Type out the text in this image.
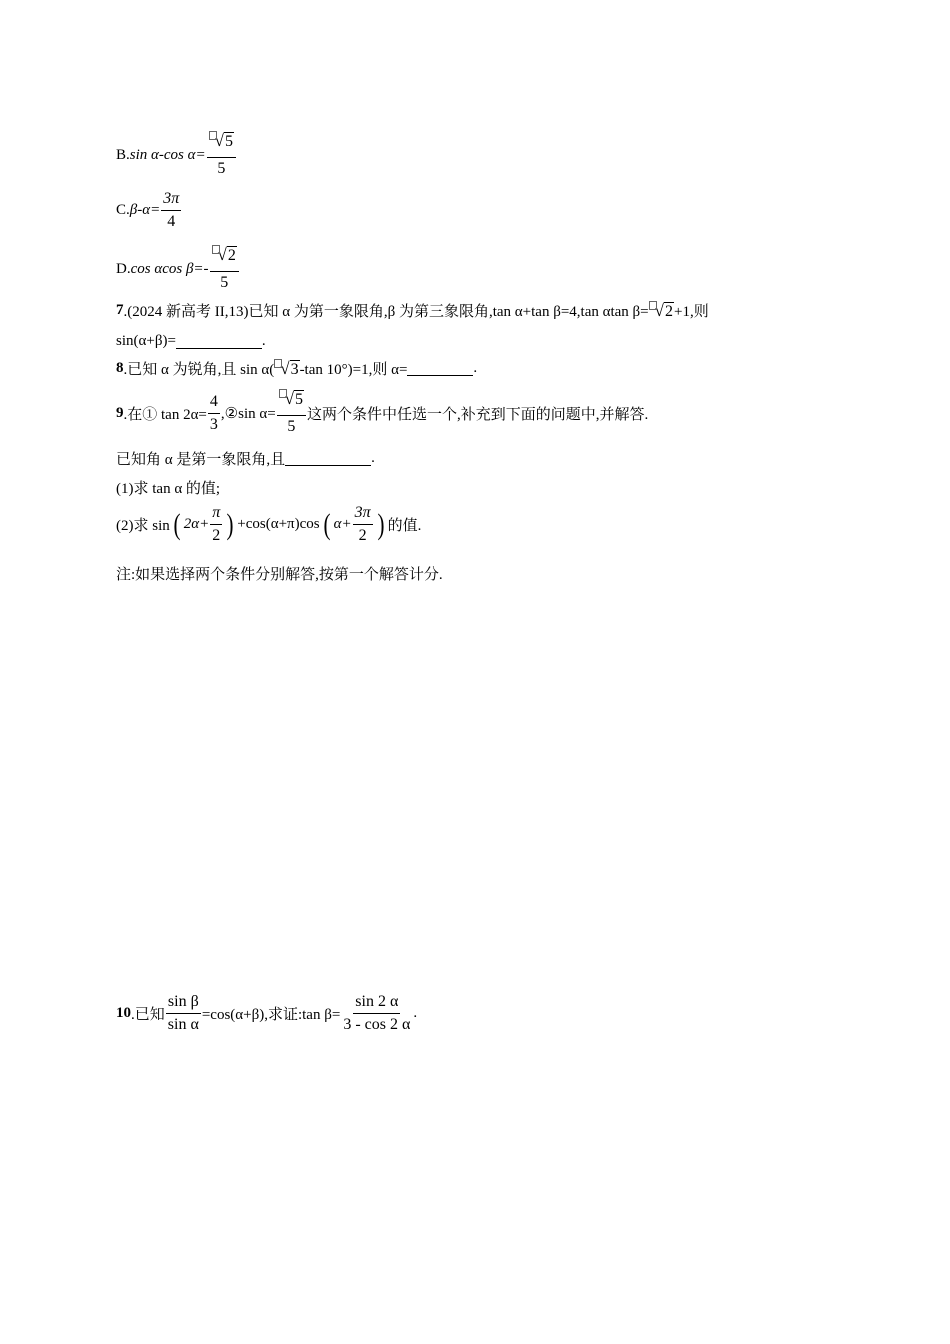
B. sin α-cos $\alpha= \frac{√ 5}{5}$
C. $\beta-\alpha= \frac{3\pi}{4}$
D. cos αcos $\beta=- \frac{√ 2}{5}$
7 .(2024 新高考 II,13) 已知 α 为第一象限角,β 为第三象限角,tan α+tan β=4,tan αtan β= √ 2 +1,则
sin(α+β)=	.
8 .已知 α 为锐角,且 sin α( √ 3 -tan 10°)=1,则 α=	.
9 .在① $\tan 2\alpha= \frac{4}{3}$ ,②sin $\alpha= \frac{√ 5}{5}$ 这两个条件中任选一个,补充到下面的问题中,并解答.
已知角 α 是第一象限角,且	.
(1)求 tan α 的值;
(2)求 sin ( $2\alpha+ \frac{\pi}{2}$ ) +cos(α+π)cos ( $\alpha+ \frac{3\pi}{2}$ ) 的值.
注:如果选择两个条件分别解答,按第一个解答计分.
10 .已知 $\frac{\text{sin β}}{\text{sin α}} =\cos(\alpha+\beta)$,求证:tan $\beta= \frac{\sin 2 \alpha}{3 - \cos 2 \alpha}$ .
